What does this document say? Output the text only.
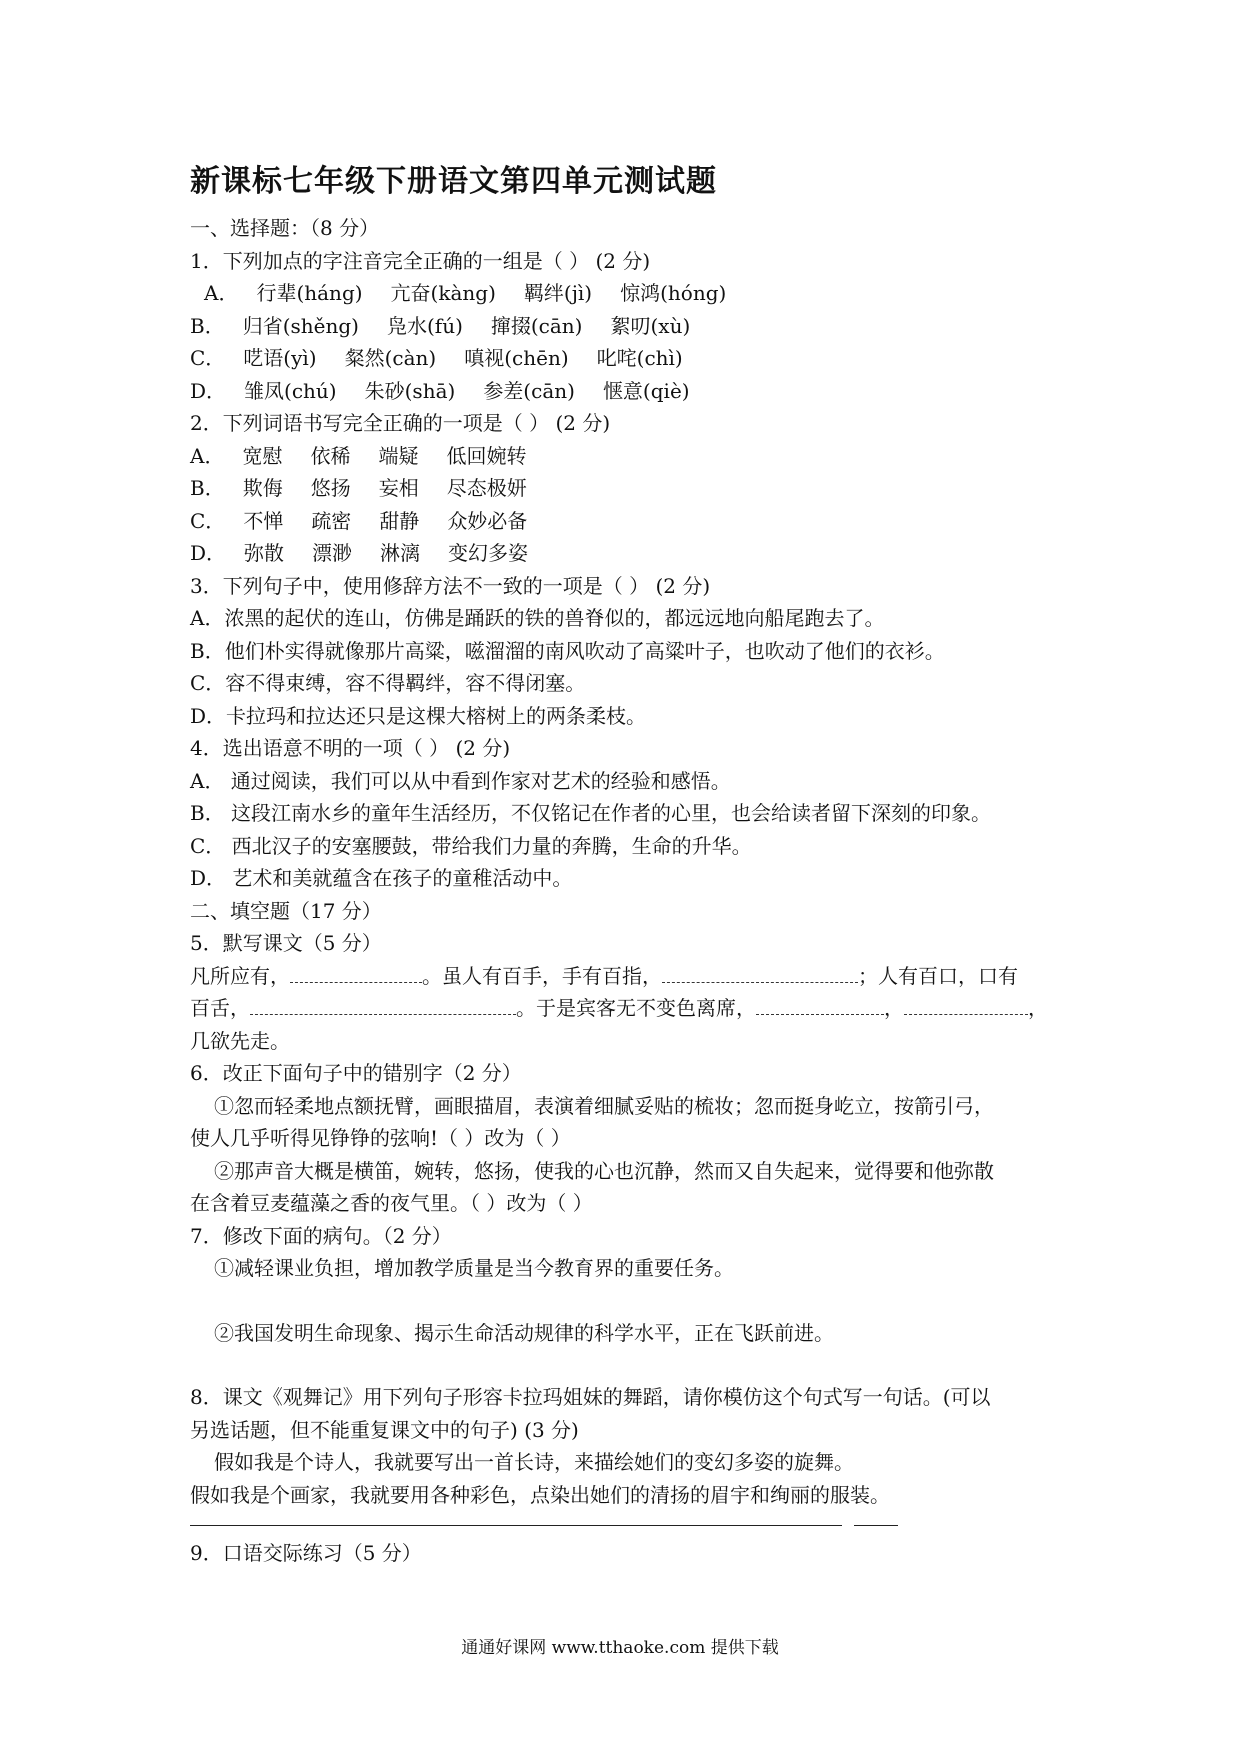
新课标七年级下册语文第四单元测试题
一、选择题：（8 分）
1．下列加点的字注音完全正确的一组是（ ） (2 分)
A． 行辈(háng) 亢奋(kàng) 羁绊(jì) 惊鸿(hóng)
B． 归省(shěng) 凫水(fú) 撺掇(cān) 絮叨(xù)
C． 呓语(yì) 粲然(càn) 嗔视(chēn) 叱咤(chì)
D． 雏凤(chú) 朱砂(shā) 参差(cān) 惬意(qiè)
2．下列词语书写完全正确的一项是（ ） (2 分)
A． 宽慰 依稀 端疑 低回婉转
B． 欺侮 悠扬 妄相 尽态极妍
C． 不惮 疏密 甜静 众妙必备
D． 弥散 漂渺 淋漓 变幻多姿
3．下列句子中，使用修辞方法不一致的一项是（ ） (2 分)
A．浓黑的起伏的连山，仿佛是踊跃的铁的兽脊似的，都远远地向船尾跑去了。
B．他们朴实得就像那片高粱，嗞溜溜的南风吹动了高粱叶子，也吹动了他们的衣衫。
C．容不得束缚，容不得羁绊，容不得闭塞。
D．卡拉玛和拉达还只是这棵大榕树上的两条柔枝。
4．选出语意不明的一项（ ） (2 分)
A． 通过阅读，我们可以从中看到作家对艺术的经验和感悟。
B． 这段江南水乡的童年生活经历，不仅铭记在作者的心里，也会给读者留下深刻的印象。
C． 西北汉子的安塞腰鼓，带给我们力量的奔腾，生命的升华。
D． 艺术和美就蕴含在孩子的童稚活动中。
二、填空题（17 分）
5．默写课文（5 分）
凡所应有，	。虽人有百手，手有百指，	；人有百口，口有
百舌，	。于是宾客无不变色离席，	，	，
几欲先走。
6．改正下面句子中的错别字（2 分）
①忽而轻柔地点额抚臂，画眼描眉，表演着细腻妥贴的梳妆；忽而挺身屹立，按箭引弓，
使人几乎听得见铮铮的弦响!（ ）改为（ ）
②那声音大概是横笛，婉转，悠扬，使我的心也沉静，然而又自失起来，觉得要和他弥散
在含着豆麦蕴藻之香的夜气里。（ ）改为（ ）
7．修改下面的病句。（2 分）
①减轻课业负担，增加教学质量是当今教育界的重要任务。
②我国发明生命现象、揭示生命活动规律的科学水平，正在飞跃前进。
8．课文《观舞记》用下列句子形容卡拉玛姐妹的舞蹈，请你模仿这个句式写一句话。(可以
另选话题，但不能重复课文中的句子) (3 分)
假如我是个诗人，我就要写出一首长诗，来描绘她们的变幻多姿的旋舞。
假如我是个画家，我就要用各种彩色，点染出她们的清扬的眉宇和绚丽的服装。
9．口语交际练习（5 分）
通通好课网 www.tthaoke.com 提供下载
